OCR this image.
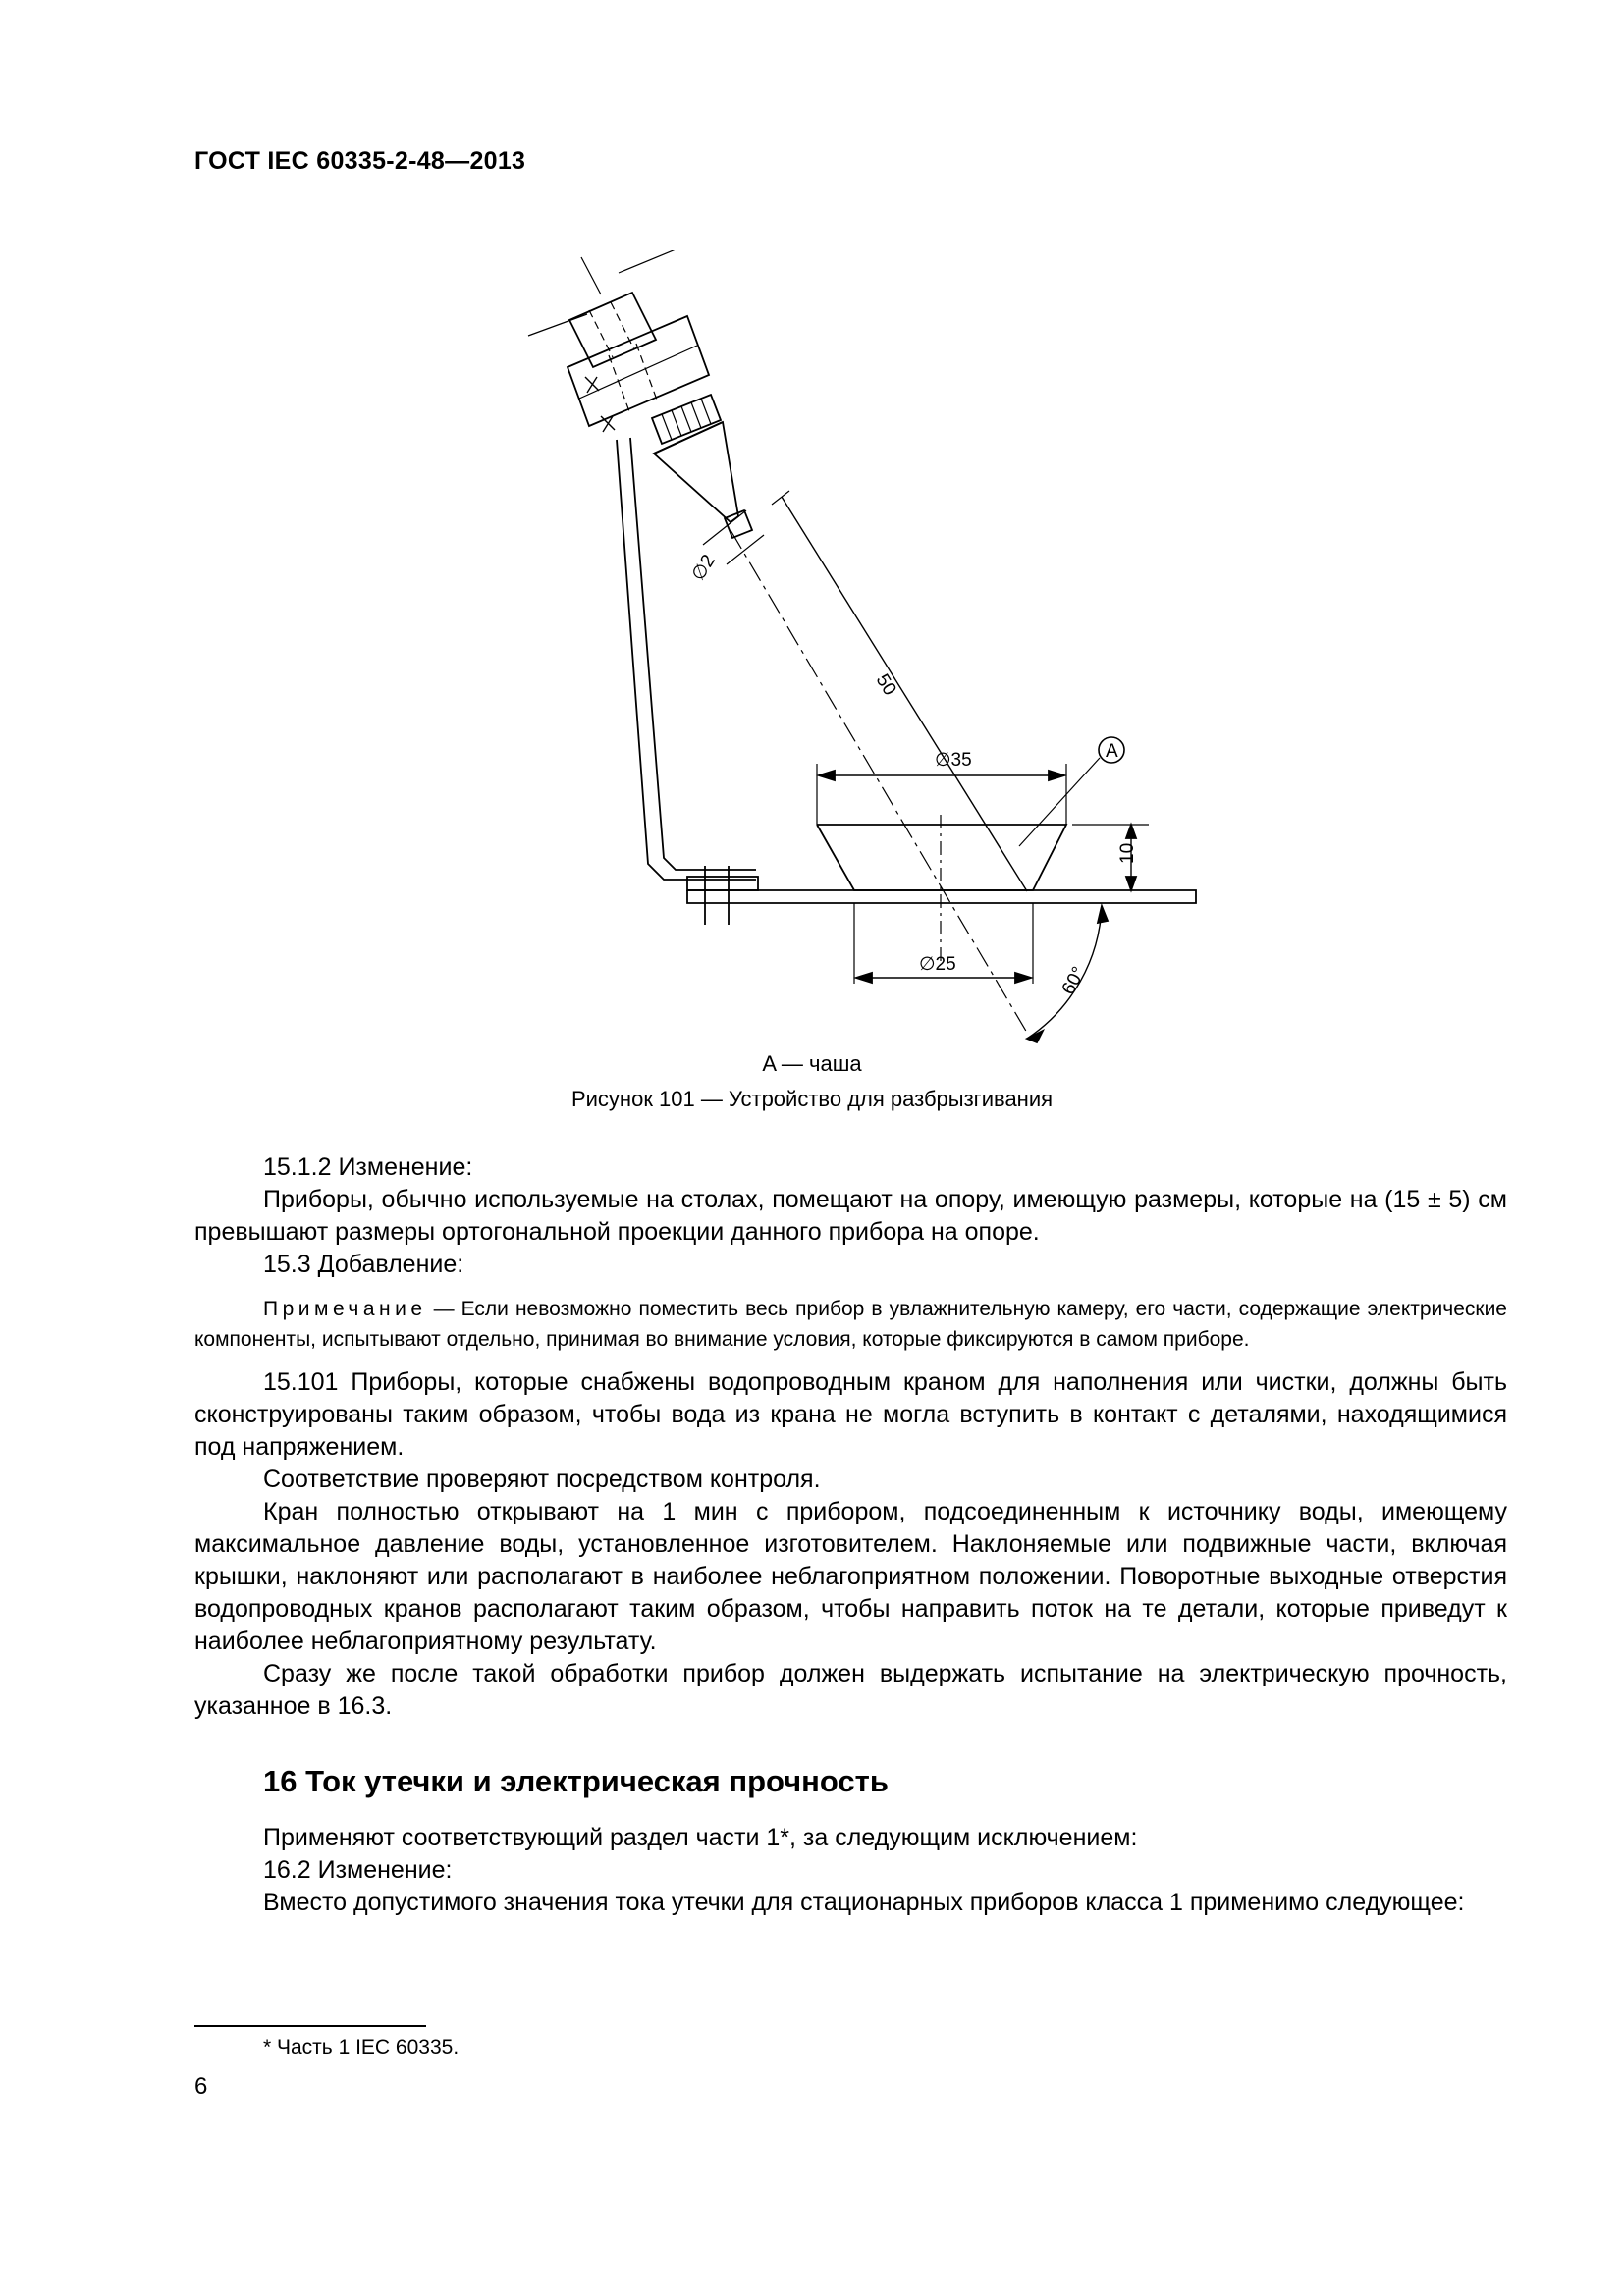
ГОСТ IEC 60335-2-48—2013
∅2
50
∅35
10
∅25	60°
A
A — чаша
Рисунок 101 — Устройство для разбрызгивания

15.1.2 Изменение:

Приборы, обычно используемые на столах, помещают на опору, имеющую размеры, которые на (15 ± 5) см превышают размеры ортогональной проекции данного прибора на опоре.

15.3 Добавление:

Примечание — Если невозможно поместить весь прибор в увлажнительную камеру, его части, содержащие электрические компоненты, испытывают отдельно, принимая во внимание условия, которые фиксируются в самом приборе.

15.101 Приборы, которые снабжены водопроводным краном для наполнения или чистки, должны быть сконструированы таким образом, чтобы вода из крана не могла вступить в контакт с деталями, находящимися под напряжением.

Соответствие проверяют посредством контроля.

Кран полностью открывают на 1 мин с прибором, подсоединенным к источнику воды, имеющему максимальное давление воды, установленное изготовителем. Наклоняемые или подвижные части, включая крышки, наклоняют или располагают в наиболее неблагоприятном положении. Поворотные выходные отверстия водопроводных кранов располагают таким образом, чтобы направить поток на те детали, которые приведут к наиболее неблагоприятному результату.

Сразу же после такой обработки прибор должен выдержать испытание на электрическую прочность, указанное в 16.3.

16 Ток утечки и электрическая прочность

Применяют соответствующий раздел части 1*, за следующим исключением:

16.2 Изменение:

Вместо допустимого значения тока утечки для стационарных приборов класса 1 применимо следующее:

* Часть 1 IEC 60335.
6
